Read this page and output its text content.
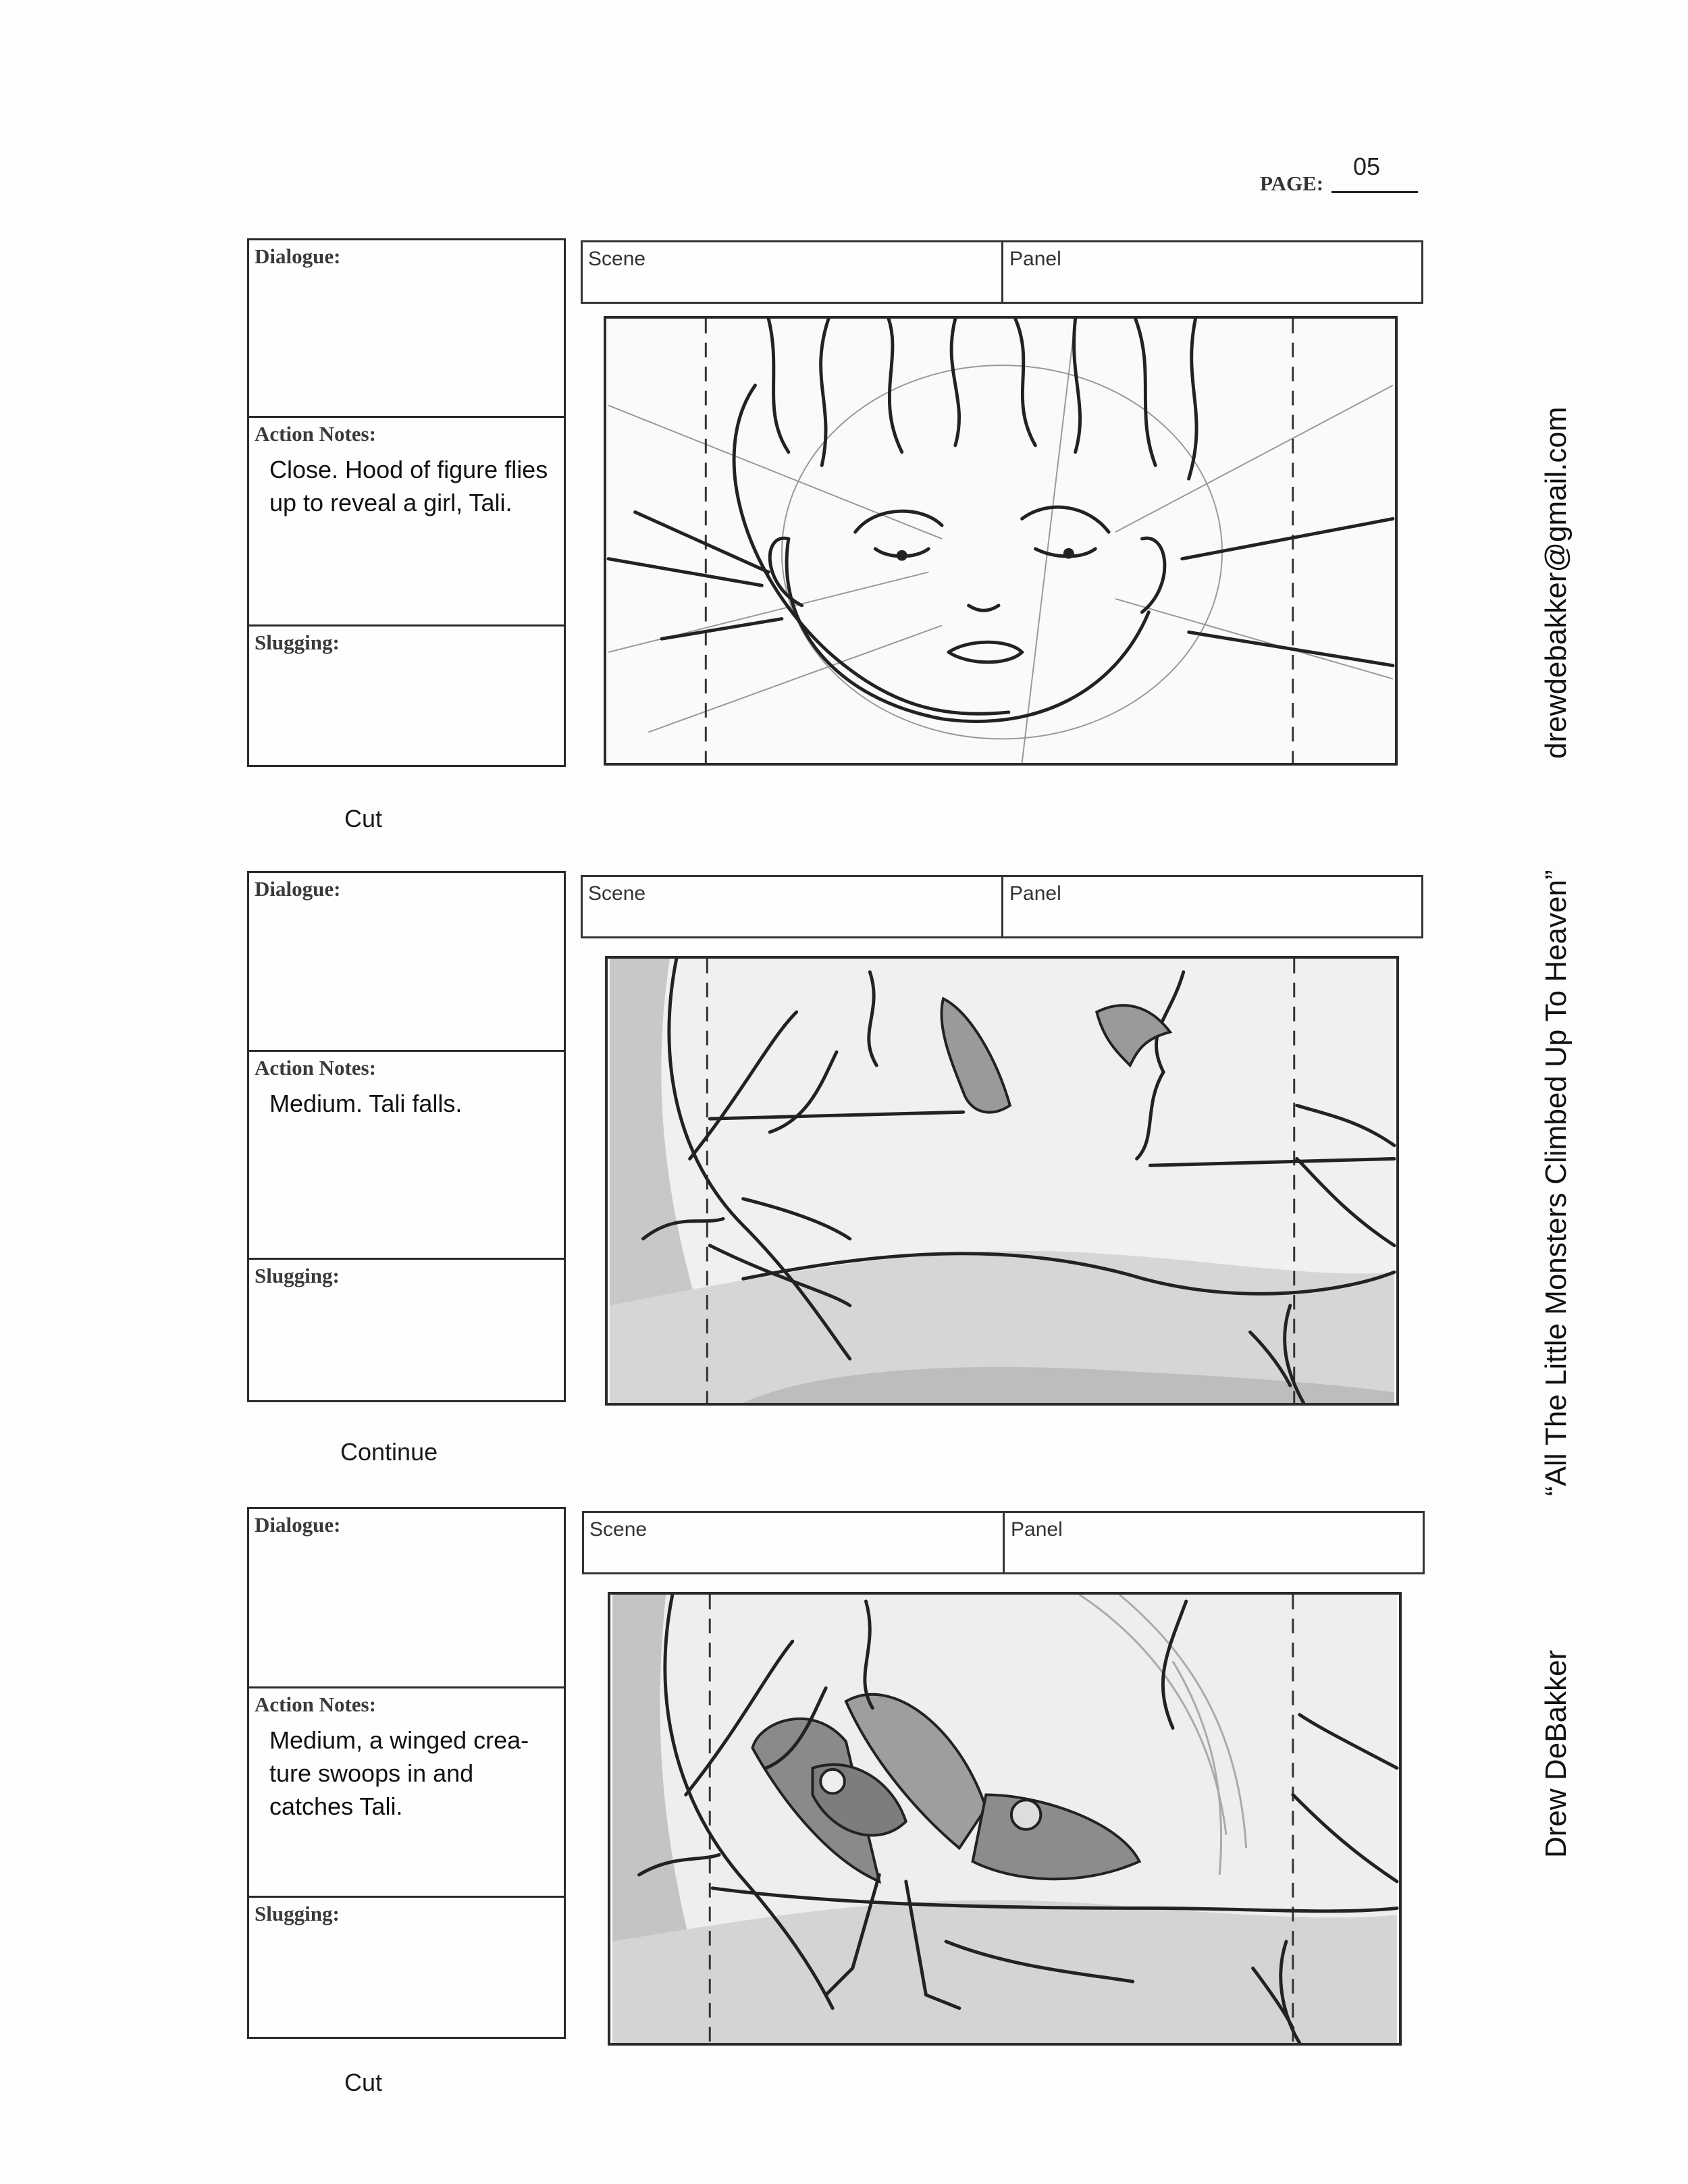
PAGE:
05
Dialogue:
Action Notes:
Close. Hood of figure flies up to reveal a girl, Tali.
Slugging:
Scene	Panel
Cut
Dialogue:
Action Notes:
Medium. Tali falls.
Slugging:
Scene	Panel
Continue
Dialogue:
Action Notes:
Medium, a winged crea- ture swoops in and catches Tali.
Slugging:
Scene	Panel
Cut
drewdebakker@gmail.com
“All The Little Monsters Climbed Up To Heaven”
Drew DeBakker
